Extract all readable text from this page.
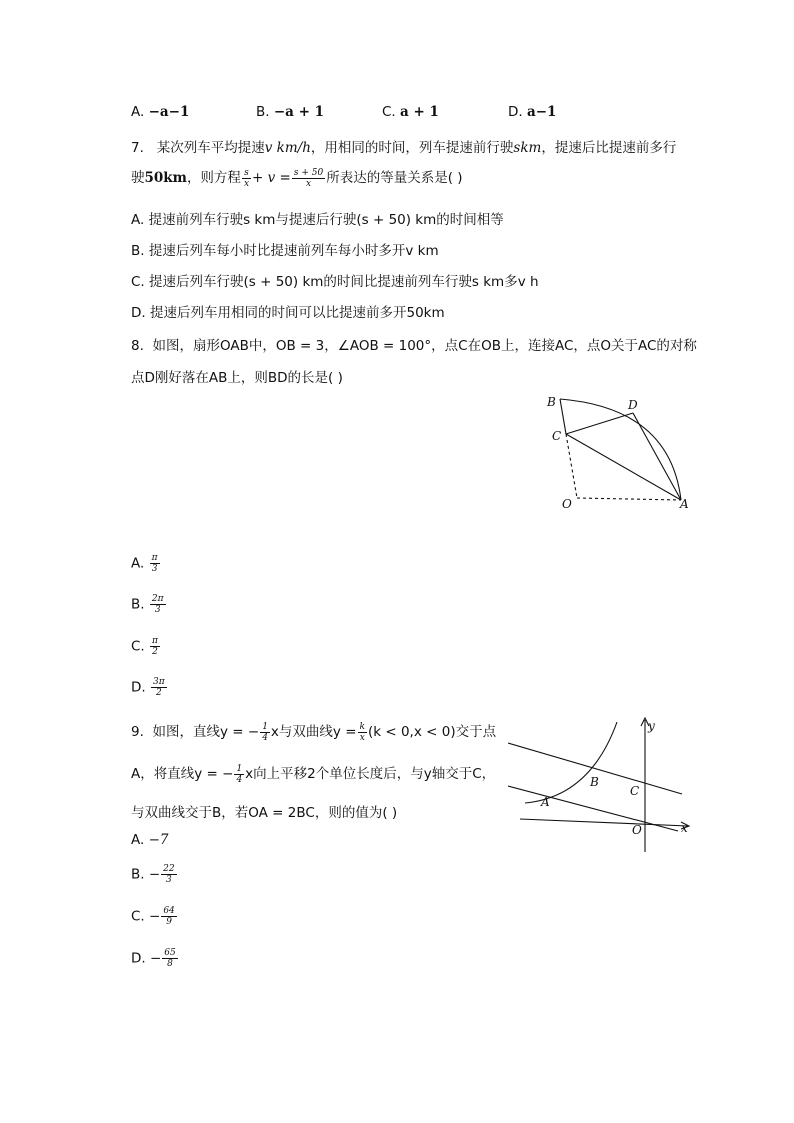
A. −a−1	B. −a + 1	C. a + 1	D. a−1
7. 某次列车平均提速v km/h，用相同的时间，列车提速前行驶skm，提速后比提速前多行
驶50km，则方程 $\frac{s}{x} + v = \frac{s + 50}{x}$ 所表达的等量关系是( )
A. 提速前列车行驶s km与提速后行驶(s + 50) km的时间相等
B. 提速后列车每小时比提速前列车每小时多开v km
C. 提速后列车行驶(s + 50) km的时间比提速前列车行驶s km多v h
D. 提速后列车用相同的时间可以比提速前多开50km
8. 如图，扇形OAB中，OB = 3，∠AOB = 100°，点C在OB上，连接AC，点O关于AC的对称
点D刚好落在AB上，则BD的长是( )
B	D
C
O	A
A. $\frac{\pi}{3}$
B. $\frac{2\pi}{3}$
C. $\frac{\pi}{2}$
D. $\frac{3\pi}{2}$
9. 如图，直线y = − $\frac{1}{4}$ x与双曲线$y = \frac{k}{x} (k < 0,x < 0)$交于点
A，将直线y = − $\frac{1}{4}$ x向上平移2个单位长度后，与y轴交于C，
与双曲线交于B，若OA = 2BC，则的值为( )
y
x
B
A
C
O
A. −7
B. − $\frac{22}{3}$
C. − $\frac{64}{9}$
D. − $\frac{65}{8}$
